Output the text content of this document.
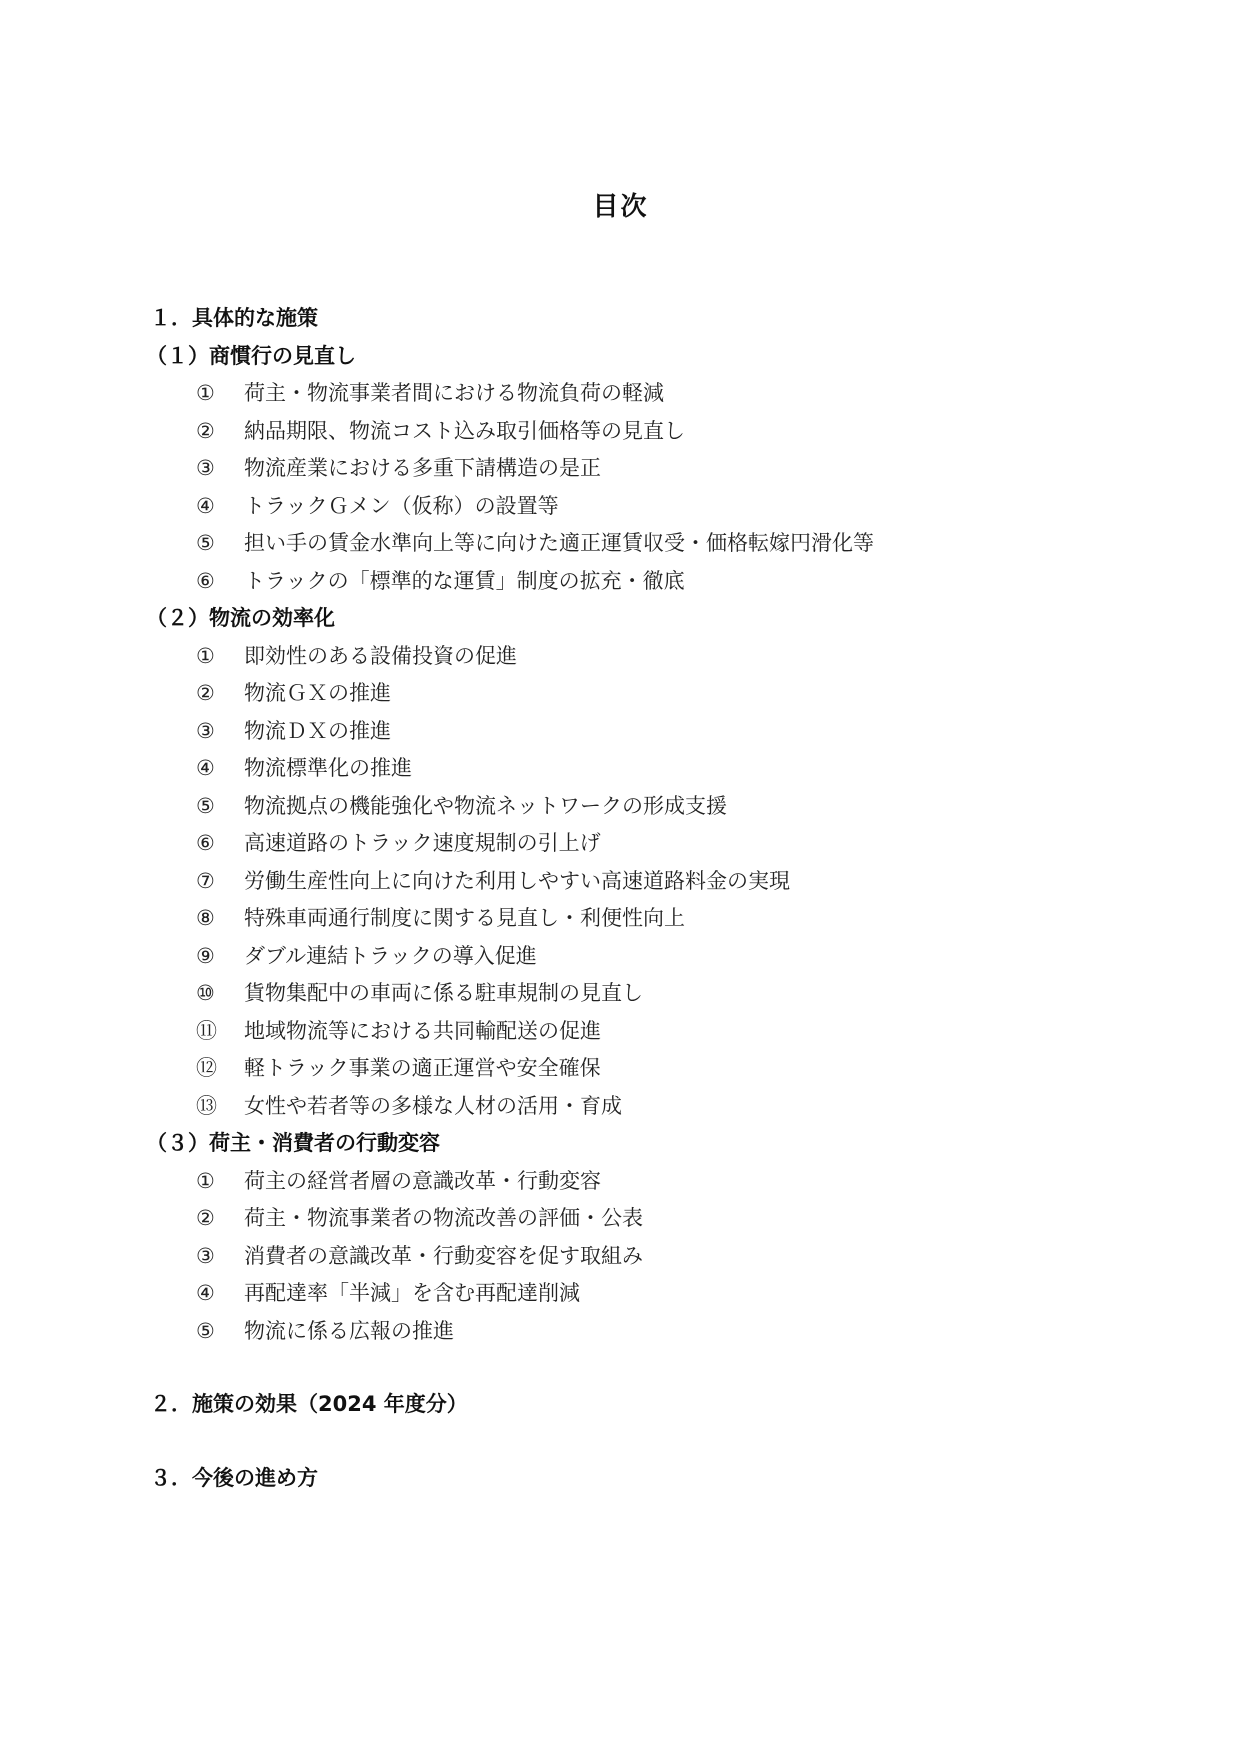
目次
１．具体的な施策
（１）商慣行の見直し
①	荷主・物流事業者間における物流負荷の軽減
②	納品期限、物流コスト込み取引価格等の見直し
③	物流産業における多重下請構造の是正
④	トラックＧメン（仮称）の設置等
⑤	担い手の賃金水準向上等に向けた適正運賃収受・価格転嫁円滑化等
⑥	トラックの「標準的な運賃」制度の拡充・徹底
（２）物流の効率化
①	即効性のある設備投資の促進
②	物流ＧＸの推進
③	物流ＤＸの推進
④	物流標準化の推進
⑤	物流拠点の機能強化や物流ネットワークの形成支援
⑥	高速道路のトラック速度規制の引上げ
⑦	労働生産性向上に向けた利用しやすい高速道路料金の実現
⑧	特殊車両通行制度に関する見直し・利便性向上
⑨	ダブル連結トラックの導入促進
⑩	貨物集配中の車両に係る駐車規制の見直し
⑪	地域物流等における共同輸配送の促進
⑫	軽トラック事業の適正運営や安全確保
⑬	女性や若者等の多様な人材の活用・育成
（３）荷主・消費者の行動変容
①	荷主の経営者層の意識改革・行動変容
②	荷主・物流事業者の物流改善の評価・公表
③	消費者の意識改革・行動変容を促す取組み
④	再配達率「半減」を含む再配達削減
⑤	物流に係る広報の推進
２．施策の効果（2024 年度分）
３．今後の進め方
